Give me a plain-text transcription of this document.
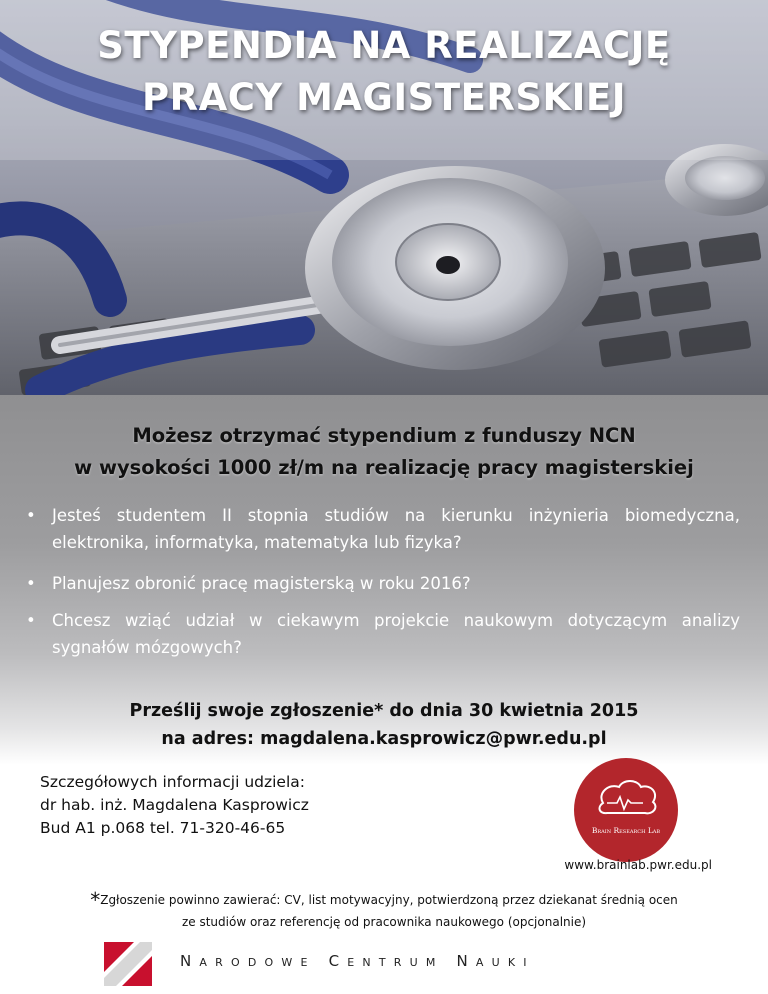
STYPENDIA NA REALIZACJĘ
PRACY MAGISTERSKIEJ
Możesz otrzymać stypendium z funduszy NCN
w wysokości 1000 zł/m na realizację pracy magisterskiej
• Jesteś studentem II stopnia studiów na kierunku inżynieria biomedyczna, elektronika, informatyka, matematyka lub fizyka?
• Planujesz obronić pracę magisterską w roku 2016?
• Chcesz wziąć udział w ciekawym projekcie naukowym dotyczącym analizy sygnałów mózgowych?
Prześlij swoje zgłoszenie* do dnia 30 kwietnia 2015
na adres: magdalena.kasprowicz@pwr.edu.pl
Szczegółowych informacji udziela:
dr hab. inż. Magdalena Kasprowicz
Bud A1 p.068 tel. 71-320-46-65	Brain Research Lab
www.brainlab.pwr.edu.pl
*Zgłoszenie powinno zawierać: CV, list motywacyjny, potwierdzoną przez dziekanat średnią ocen
ze studiów oraz referencję od pracownika naukowego (opcjonalnie)
Narodowe Centrum Nauki
